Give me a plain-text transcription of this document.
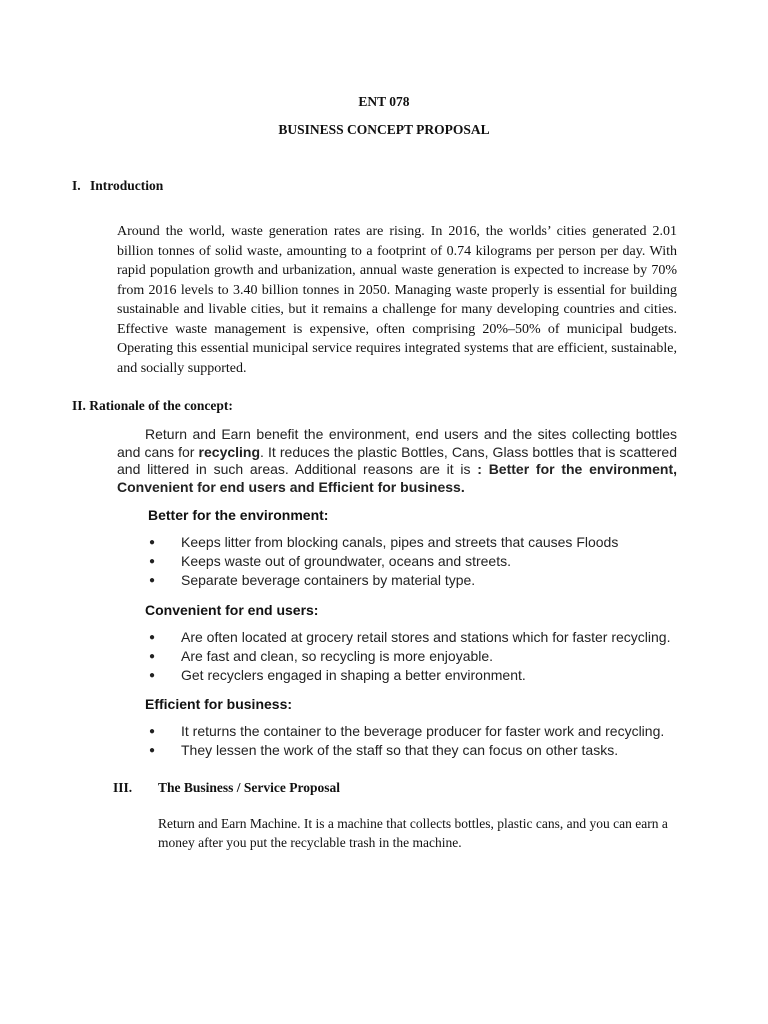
ENT 078
BUSINESS CONCEPT PROPOSAL
I. Introduction
Around the world, waste generation rates are rising. In 2016, the worlds’ cities generated 2.01 billion tonnes of solid waste, amounting to a footprint of 0.74 kilograms per person per day. With rapid population growth and urbanization, annual waste generation is expected to increase by 70% from 2016 levels to 3.40 billion tonnes in 2050. Managing waste properly is essential for building sustainable and livable cities, but it remains a challenge for many developing countries and cities. Effective waste management is expensive, often comprising 20%–50% of municipal budgets. Operating this essential municipal service requires integrated systems that are efficient, sustainable, and socially supported.
II. Rationale of the concept:
Return and Earn benefit the environment, end users and the sites collecting bottles and cans for recycling. It reduces the plastic Bottles, Cans, Glass bottles that is scattered and littered in such areas. Additional reasons are it is : Better for the environment, Convenient for end users and Efficient for business.
Better for the environment:
● Keeps litter from blocking canals, pipes and streets that causes Floods
● Keeps waste out of groundwater, oceans and streets.
● Separate beverage containers by material type.
Convenient for end users:
● Are often located at grocery retail stores and stations which for faster recycling.
● Are fast and clean, so recycling is more enjoyable.
● Get recyclers engaged in shaping a better environment.
Efficient for business:
● It returns the container to the beverage producer for faster work and recycling.
● They lessen the work of the staff so that they can focus on other tasks.
III. The Business / Service Proposal
Return and Earn Machine. It is a machine that collects bottles, plastic cans, and you can earn a money after you put the recyclable trash in the machine.
